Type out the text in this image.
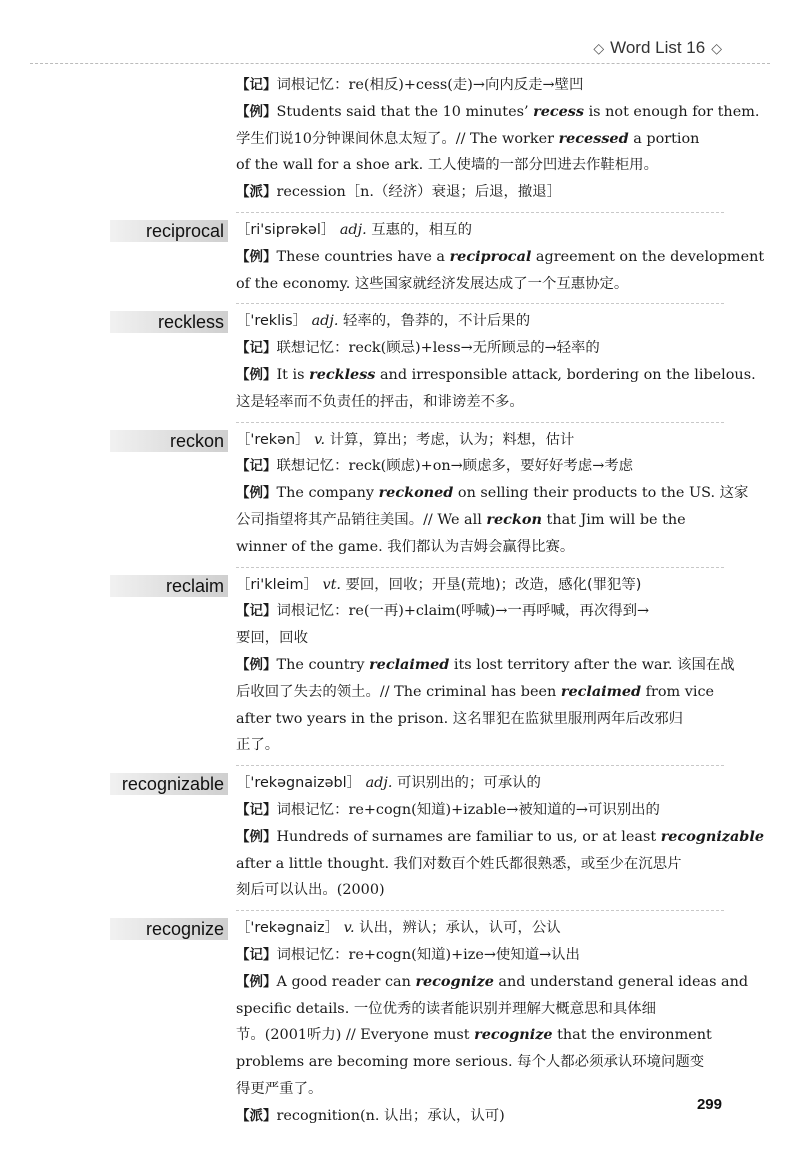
◇ Word List 16 ◇
【记】词根记忆：re(相反)+cess(走)→向内反走→壁凹
【例】Students said that the 10 minutes’ recess is not enough for them.
学生们说10分钟课间休息太短了。// The worker recessed a portion
of the wall for a shoe ark. 工人使墙的一部分凹进去作鞋柜用。
【派】recession［n.（经济）衰退；后退，撤退］
reciprocal ［ri'siprəkəl］ adj. 互惠的，相互的
【例】These countries have a reciprocal agreement on the development
of the economy. 这些国家就经济发展达成了一个互惠协定。
reckless ［'reklis］ adj. 轻率的，鲁莽的，不计后果的
【记】联想记忆：reck(顾忌)+less→无所顾忌的→轻率的
【例】It is reckless and irresponsible attack, bordering on the libelous.
这是轻率而不负责任的抨击，和诽谤差不多。
reckon ［'rekən］ v. 计算，算出；考虑，认为；料想，估计
【记】联想记忆：reck(顾虑)+on→顾虑多，要好好考虑→考虑
【例】The company reckoned on selling their products to the US. 这家
公司指望将其产品销往美国。// We all reckon that Jim will be the
winner of the game. 我们都认为吉姆会赢得比赛。
reclaim ［ri'kleim］ vt. 要回，回收；开垦(荒地)；改造，感化(罪犯等)
【记】词根记忆：re(一再)+claim(呼喊)→一再呼喊，再次得到→
要回，回收
【例】The country reclaimed its lost territory after the war. 该国在战
后收回了失去的领土。// The criminal has been reclaimed from vice
after two years in the prison. 这名罪犯在监狱里服刑两年后改邪归
正了。
recognizable ［'rekəgnaizəbl］ adj. 可识别出的；可承认的
【记】词根记忆：re+cogn(知道)+izable→被知道的→可识别出的
【例】Hundreds of surnames are familiar to us, or at least recognizable
after a little thought. 我们对数百个姓氏都很熟悉，或至少在沉思片
刻后可以认出。(2000)
recognize ［'rekəgnaiz］ v. 认出，辨认；承认，认可，公认
【记】词根记忆：re+cogn(知道)+ize→使知道→认出
【例】A good reader can recognize and understand general ideas and
specific details. 一位优秀的读者能识别并理解大概意思和具体细
节。(2001听力) // Everyone must recognize that the environment
problems are becoming more serious. 每个人都必须承认环境问题变
得更严重了。
【派】recognition(n. 认出；承认，认可)
299
